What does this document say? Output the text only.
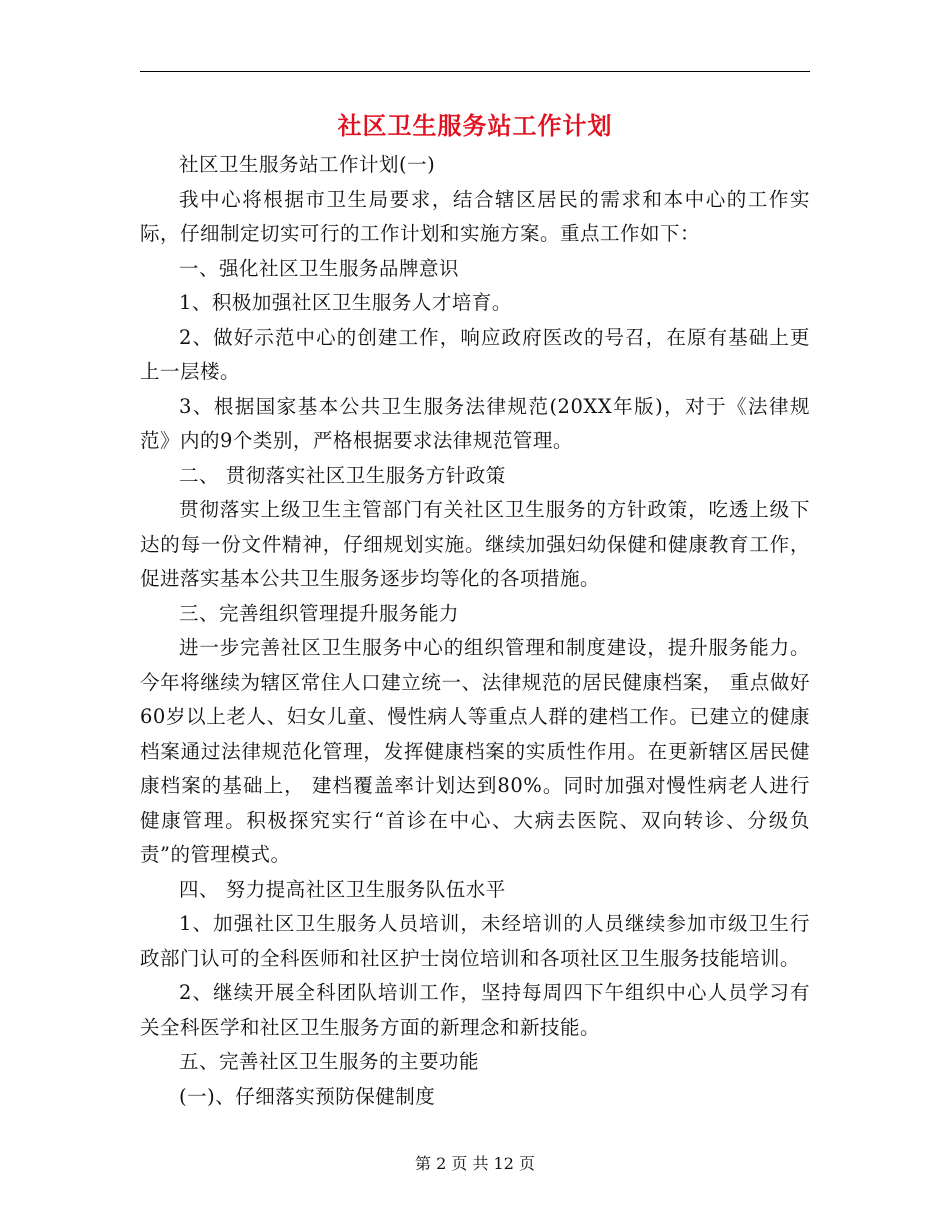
社区卫生服务站工作计划

社区卫生服务站工作计划(一)

我中心将根据市卫生局要求，结合辖区居民的需求和本中心的工作实际，仔细制定切实可行的工作计划和实施方案。重点工作如下：

一、强化社区卫生服务品牌意识

1、积极加强社区卫生服务人才培育。

2、做好示范中心的创建工作，响应政府医改的号召，在原有基础上更上一层楼。

3、根据国家基本公共卫生服务法律规范(20XX年版)，对于《法律规范》内的9个类别，严格根据要求法律规范管理。

二、 贯彻落实社区卫生服务方针政策

贯彻落实上级卫生主管部门有关社区卫生服务的方针政策，吃透上级下达的每一份文件精神，仔细规划实施。继续加强妇幼保健和健康教育工作，促进落实基本公共卫生服务逐步均等化的各项措施。

三、完善组织管理提升服务能力

进一步完善社区卫生服务中心的组织管理和制度建设，提升服务能力。今年将继续为辖区常住人口建立统一、法律规范的居民健康档案， 重点做好60岁以上老人、妇女儿童、慢性病人等重点人群的建档工作。已建立的健康档案通过法律规范化管理，发挥健康档案的实质性作用。在更新辖区居民健康档案的基础上， 建档覆盖率计划达到80%。同时加强对慢性病老人进行健康管理。积极探究实行“首诊在中心、大病去医院、双向转诊、分级负责”的管理模式。

四、 努力提高社区卫生服务队伍水平

1、加强社区卫生服务人员培训，未经培训的人员继续参加市级卫生行政部门认可的全科医师和社区护士岗位培训和各项社区卫生服务技能培训。

2、继续开展全科团队培训工作，坚持每周四下午组织中心人员学习有关全科医学和社区卫生服务方面的新理念和新技能。

五、完善社区卫生服务的主要功能

(一)、仔细落实预防保健制度

第 2 页 共 12 页
